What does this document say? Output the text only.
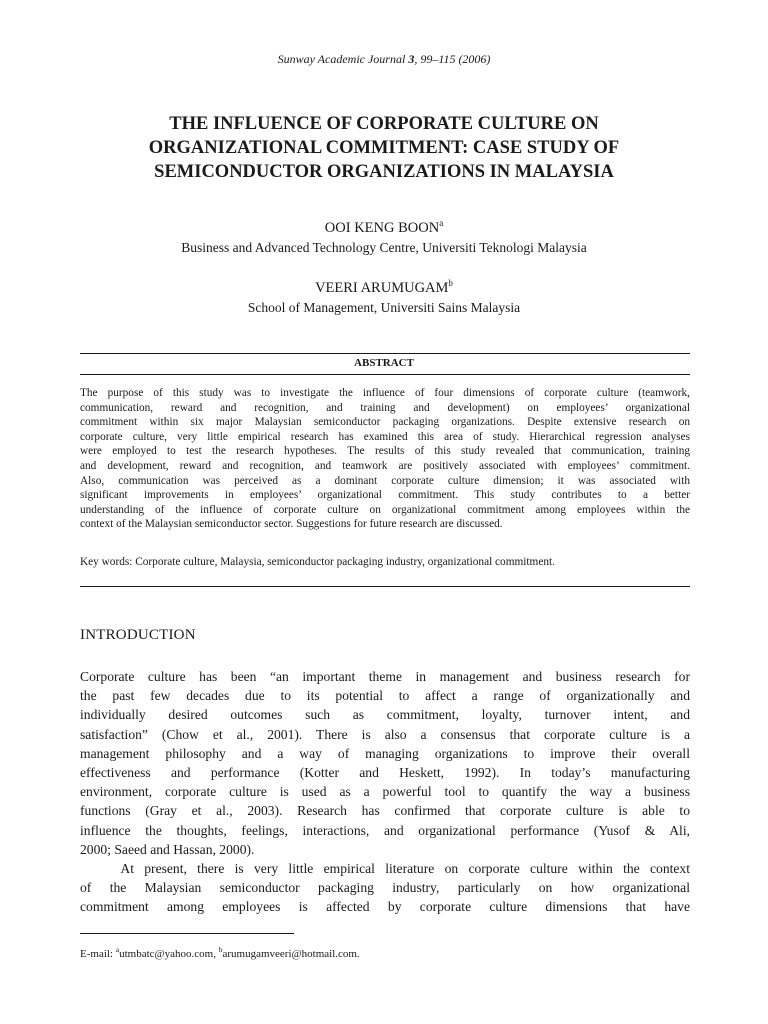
Sunway Academic Journal 3, 99–115 (2006)
THE INFLUENCE OF CORPORATE CULTURE ON
ORGANIZATIONAL COMMITMENT: CASE STUDY OF
SEMICONDUCTOR ORGANIZATIONS IN MALAYSIA
OOI KENG BOON$^a$
Business and Advanced Technology Centre, Universiti Teknologi Malaysia
VEERI ARUMUGAM$^b$
School of Management, Universiti Sains Malaysia
ABSTRACT
The purpose of this study was to investigate the influence of four dimensions of corporate culture (teamwork,
communication, reward and recognition, and training and development) on employees’ organizational
commitment within six major Malaysian semiconductor packaging organizations. Despite extensive research on
corporate culture, very little empirical research has examined this area of study. Hierarchical regression analyses
were employed to test the research hypotheses. The results of this study revealed that communication, training
and development, reward and recognition, and teamwork are positively associated with employees’ commitment.
Also, communication was perceived as a dominant corporate culture dimension; it was associated with
significant improvements in employees’ organizational commitment. This study contributes to a better
understanding of the influence of corporate culture on organizational commitment among employees within the
context of the Malaysian semiconductor sector. Suggestions for future research are discussed.
Key words: Corporate culture, Malaysia, semiconductor packaging industry, organizational commitment.
INTRODUCTION
Corporate culture has been “an important theme in management and business research for
the past few decades due to its potential to affect a range of organizationally and
individually desired outcomes such as commitment, loyalty, turnover intent, and
satisfaction” (Chow et al., 2001). There is also a consensus that corporate culture is a
management philosophy and a way of managing organizations to improve their overall
effectiveness and performance (Kotter and Heskett, 1992). In today’s manufacturing
environment, corporate culture is used as a powerful tool to quantify the way a business
functions (Gray et al., 2003). Research has confirmed that corporate culture is able to
influence the thoughts, feelings, interactions, and organizational performance (Yusof & Ali,
2000; Saeed and Hassan, 2000).
At present, there is very little empirical literature on corporate culture within the context
of the Malaysian semiconductor packaging industry, particularly on how organizational
commitment among employees is affected by corporate culture dimensions that have
E-mail: $^a$utmbatc@yahoo.com, $^b$arumugamveeri@hotmail.com.
